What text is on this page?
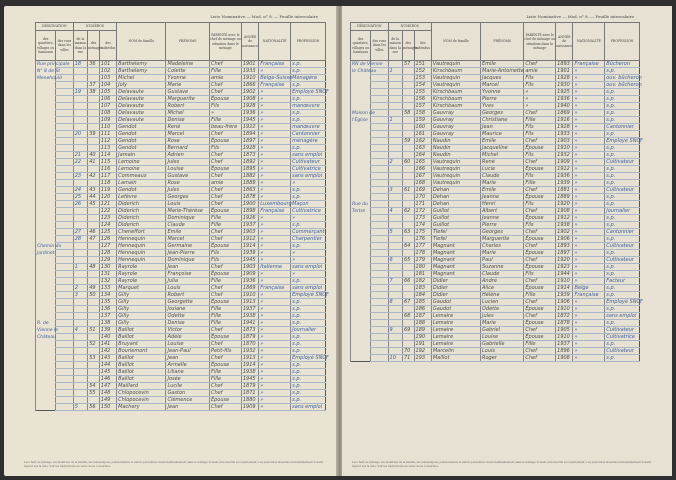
Liste Nominative — Mod. n° 8. — Feuille intercalaire
DÉSIGNATION		NUMÉROS			NOM de famille	PRÉNOMS	PARENTÉ avec le chef de ménage ou situation dans le ménage	ANNÉE de naissance	NATIONALITÉ	PROFESSION
des quartiers, villages ou hameaux	des rues dans les villes	de la maison dans la rue	des ménages	des individus						
Rue principale		18	36	101	Barthelemy	Madeleine	Chef	1901	Française	s.p.
N° 8 de St				102	Barthelemy	Colette	Fille	1933	»	s.p.
Menehould				103	Michel	Yvonne	amie	1910	Belge-Suisse	Ménagère
			37	104	Joly	Marie	Chef	1866	Française	s.p.
		19	38	105	Delavaute	Gustave	Chef	1902	»	Employé SNCF
				106	Delavaute	Marguerite	Épouse	1908	»	s.p.
				107	Delavaute	Robert	Fils	1928	»	manœuvre
				108	Delavaute	Michel	»	1936	»	s.p.
				109	Delavaute	Denise	Fille	1945	»	s.p.
				110	Gendot	René	beau-frère	1922	»	manœuvre
		20	39	111	Gendot	Marcel	Chef	1894	»	Cantonnier
				112	Gendot	Rose	Épouse	1897	»	ménagère
				113	Gendot	Bernard	Fils	1928	»	s.p.
		21	40	114	Jamain	Adrien	Chef	1873	»	sans emploi
		22	41	115	Lemoine	Jules	Chef	1892	»	Cultivateur
				116	Lemoine	Louise	Épouse	1895	»	Cultivatrice
		23	42	117	Commeaux	Gustave	Chef	1882	»	sans emploi
				118	Lamain	Rose	amie	1889	»	»
		24	43	119	Gendot	Jules	Chef	1863	»	s.p.
		25	44	120	Lefèvre	Georges	Chef	1878	»	s.p.
		26	45	121	Diderich	Louis	Chef	1900	Luxembourg	Maçon
				122	Diderich	Marie-Thérèse	Épouse	1898	Française	Cultivatrice
				123	Diderich	Dominique	Fille	1926	»	»
				124	Diderich	Claude	Fille	1937	»	s.p.
		27	46	125	Cheneffort	Emile	Chef	1903	»	Commerçant
		28	47	126	Hennequin	Marcel	Chef	1912	»	Charpentier
Chemin du				127	Hennequin	Germaine	Épouse	1914	»	s.p.
Jardinet				128	Hennequin	Jean-Pierre	Fils	1939	»	»
				129	Hennequin	Dominique	Fils	1945	»	»
		1	48	130	Rayrole	Jean	Chef	1903	Italienne	sans emploi
				131	Rayrole	Françoise	Épouse	1909	»	»
				132	Rayrole	Julia	Fille	1936	»	s.p.
		2	49	133	Marquet	Louis	Chef	1869	Française	sans emploi
		3	50	134	Gilly	Robert	Chef	1910	»	Employé SNCF
				135	Gilly	Georgette	Épouse	1913	»	s.p.
				136	Gilly	Josiane	Fille	1937	»	s.p.
				137	Gilly	Odette	Fille	1938	»	s.p.
R. de				138	Gilly	Denise	Fille	1941	»	s.p.
Vienne le		4	51	139	Baillot	Victor	Chef	1873	»	Journalier
Château				140	Baillot	Adèle	Épouse	1879	»	s.p.
			52	141	Bruyant	Louise	Chef	1870	»	s.p.
				142	Bourlemont	Jean-Paul	Petit-fils	1932	»	s.p.
			53	143	Baillot	Jean	Chef	1913	»	Employé SNCF
				144	Baillot	Armelle	Épouse	1914	»	s.p.
				145	Baillot	Liliane	Fille	1938	»	s.p.
				146	Baillot	Josée	Fille	1945	»	s.p.
			54	147	Maillard	Lucile	Chef	1879	»	s.p.
			55	148	Chlopocevin	Gaston	Chef	1871	»	s.p.
				149	Chlopocevin	Clémence	Épouse	1880	»	s.p.
		5	56	150	Machery	Jean	Chef	1909	»	sans emploi
Les chefs de ménage, les membres de la famille, les domestiques, pensionnaires et autres personnes vivant habituellement dans le ménage doivent être inscrits successivement. Les personnes absentes momentanément doivent figurer sur la liste. Voir les instructions au verso de la couverture.
Liste Nominative — Mod. n° 8. — Feuille intercalaire
DÉSIGNATION		NUMÉROS			NOM de famille	PRÉNOMS	PARENTÉ avec le chef de ménage ou situation dans le ménage	ANNÉE de naissance	NATIONALITÉ	PROFESSION
des quartiers, villages ou hameaux	des rues dans les villes	de la maison dans la rue	des ménages	des individus						
RN de Vienne			57	151	Vautrequin	Emile	Chef	1893	Française	Bûcheron
le Château		1		152	Kirschbaum	Marie-Antoinette	amie	1901	»	s.p.
				153	Vautrequin	Jacques	Fils	1928	»	ouv. bûcheron
				154	Vautrequin	Marcel	Fils	1930	»	ouv. bûcheron
				155	Kirschbaum	Yvonne	»	1925	»	s.p.
				156	Kirschbaum	Pierre	»	1936	»	s.p.
				157	Kirschbaum	Yves	»	1940	»	s.p.
Maison de			58	158	Gauvray	Georges	Chef	1869	»	s.p.
l'Église		1		159	Gauvray	Christiane	Fille	1916	»	s.p.
				160	Gauvray	Jean	Fils	1928	»	Cantonnier
				161	Gauvray	Maurice	Fils	1933	»	s.p.
			59	162	Naudin	Emile	Chef	1903	»	Employé SNCF
				163	Naudin	Jacqueline	Épouse	1910	»	s.p.
				164	Naudin	Michel	Fils	1932	»	s.p.
		2	60	165	Vautrequin	René	Chef	1909	»	Cultivateur
				166	Vautrequin	Lucie	Épouse	1912	»	s.p.
				167	Vautrequin	Claude	Fils	1936	»	s.p.
				168	Vautrequin	Marie	Fille	1939	»	s.p.
		3	61	169	Dehan	Émile	Chef	1881	»	Cultivateur
				170	Dehan	Jeanne	Épouse	1889	»	s.p.
Rue du				171	Dehan	Henri	Fils	1920	»	s.p.
Tertre		4	62	172	Guillot	Albert	Chef	1908	»	Journalier
				173	Guillot	Jeanne	Épouse	1912	»	s.p.
				174	Guillot	Pierre	Fils	1938	»	s.p.
		5	63	175	Tiefel	Georges	Chef	1902	»	Cantonnier
				176	Tiefel	Marguerite	Épouse	1906	»	s.p.
			64	177	Magnant	Charles	Chef	1893	»	Cultivateur
				178	Magnant	Marie	Épouse	1897	»	s.p.
		6	65	179	Magnant	Paul	Chef	1920	»	Cultivateur
				180	Magnant	Suzanne	Épouse	1923	»	s.p.
				181	Magnant	Claude	Fils	1944	»	s.p.
		7	66	182	Didier	André	Chef	1910	»	Facteur
				183	Didier	Alice	Épouse	1914	Belge	s.p.
				184	Didier	Hélène	Fille	1939	Française	s.p.
		8	67	185	Gaudot	Lucien	Chef	1906	»	Employé SNCF
				186	Gaudot	Odette	Épouse	1910	»	s.p.
			68	187	Lemaire	Jules	Chef	1872	»	sans emploi
				188	Lemaire	Marie	Épouse	1878	»	s.p.
		9	69	189	Lemaire	Gabriel	Chef	1905	»	Cultivateur
				190	Lemaire	Louise	Épouse	1910	»	Cultivatrice
				191	Lemaire	Gabrielle	Fille	1937	»	s.p.
			70	192	Marcelin	Louis	Chef	1896	»	Cultivateur
		10	71	193	Maillot	Roger	Chef	1908	»	s.p.
Les chefs de ménage, les membres de la famille, les domestiques, pensionnaires et autres personnes vivant habituellement dans le ménage doivent être inscrits successivement. Les personnes absentes momentanément doivent figurer sur la liste. Voir les instructions au verso de la couverture.
